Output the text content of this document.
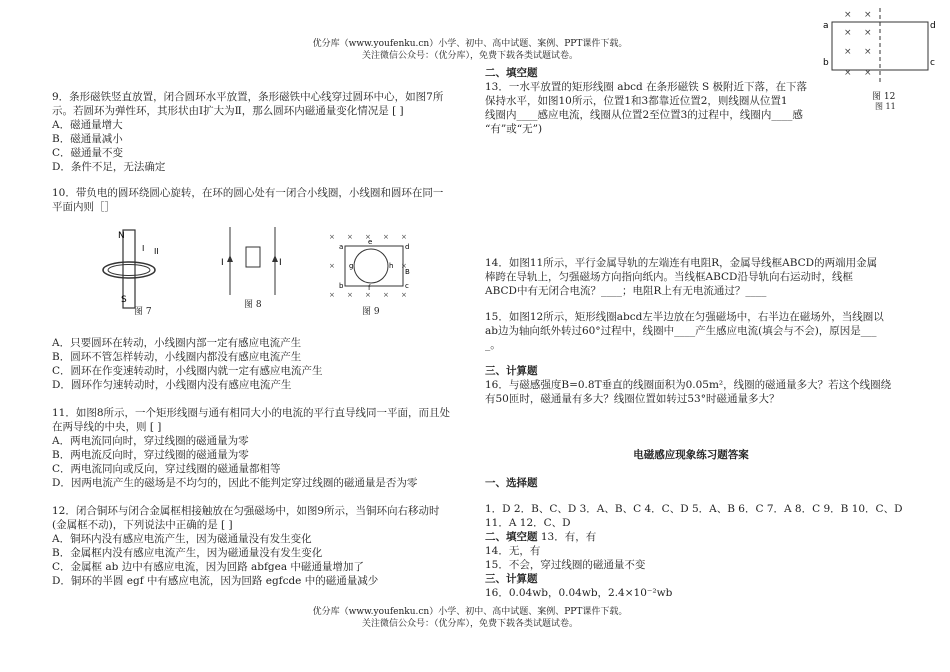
优分库（www.youfenku.cn）小学、初中、高中试题、案例、PPT课件下载。
关注微信公众号：（优分库），免费下载各类试题试卷。
9．条形磁铁竖直放置，闭合圆环水平放置，条形磁铁中心线穿过圆环中心，如图7所
示。若圆环为弹性环，其形状由Ⅰ扩大为Ⅱ，那么圆环内磁通量变化情况是 [ ]
A．磁通量增大
B．磁通量减小
C．磁通量不变
D．条件不足，无法确定
10．带负电的圆环绕圆心旋转，在环的圆心处有一闭合小线圈，小线圈和圆环在同一
平面内则［］
N
S
I II
图 7
I	I
图 8
× × × × ×
×	×
× × × × ×
a
b	c
d
e
f
g	h
B
图 9
A．只要圆环在转动，小线圈内部一定有感应电流产生
B．圆环不管怎样转动，小线圈内都没有感应电流产生
C．圆环在作变速转动时，小线圈内就一定有感应电流产生
D．圆环作匀速转动时，小线圈内没有感应电流产生
11．如图8所示，一个矩形线圈与通有相同大小的电流的平行直导线同一平面，而且处
在两导线的中央，则 [ ]
A．两电流同向时，穿过线圈的磁通量为零
B．两电流反向时，穿过线圈的磁通量为零
C．两电流同向或反向，穿过线圈的磁通量都相等
D．因两电流产生的磁场是不均匀的，因此不能判定穿过线圈的磁通量是否为零
12．闭合铜环与闭合金属框相接触放在匀强磁场中，如图9所示，当铜环向右移动时
(金属框不动)，下列说法中正确的是 [ ]
A．铜环内没有感应电流产生，因为磁通量没有发生变化
B．金属框内没有感应电流产生，因为磁通量没有发生变化
C．金属框 ab 边中有感应电流，因为回路 abfgea 中磁通量增加了
D．铜环的半圆 egf 中有感应电流，因为回路 egfcde 中的磁通量减少
二、填空题
13．一水平放置的矩形线圈 abcd 在条形磁铁 S 极附近下落，在下落
保持水平，如图10所示，位置1和3都靠近位置2，则线圈从位置1
线圈内____感应电流，线圈从位置2至位置3的过程中，线圈内____感
“有”或“无”)
× ×
× ×
× ×
× ×
a
b	c
d
图 12
图 11
14．如图11所示，平行金属导轨的左端连有电阻R，金属导线框ABCD的两端用金属
棒跨在导轨上，匀强磁场方向指向纸内。当线框ABCD沿导轨向右运动时，线框
ABCD中有无闭合电流？____；电阻R上有无电流通过？____
15．如图12所示，矩形线圈abcd左半边放在匀强磁场中，右半边在磁场外，当线圈以
ab边为轴向纸外转过60°过程中，线圈中____产生感应电流(填会与不会)，原因是___
_。
三、计算题
16．与磁感强度B=0.8T垂直的线圈面积为0.05m²，线圈的磁通量多大？若这个线圈绕
有50匝时，磁通量有多大？线圈位置如转过53°时磁通量多大？
电磁感应现象练习题答案
一、选择题
1．D 2．B、C、D 3．A、B、C 4．C、D 5．A、B 6．C 7．A 8．C 9．B 10．C、D
11．A 12．C、D
二、填空题 13．有，有
14．无，有
15．不会，穿过线圈的磁通量不变
三、计算题
16．0.04wb，0.04wb，2.4×10⁻²wb
优分库（www.youfenku.cn）小学、初中、高中试题、案例、PPT课件下载。
关注微信公众号：（优分库），免费下载各类试题试卷。
